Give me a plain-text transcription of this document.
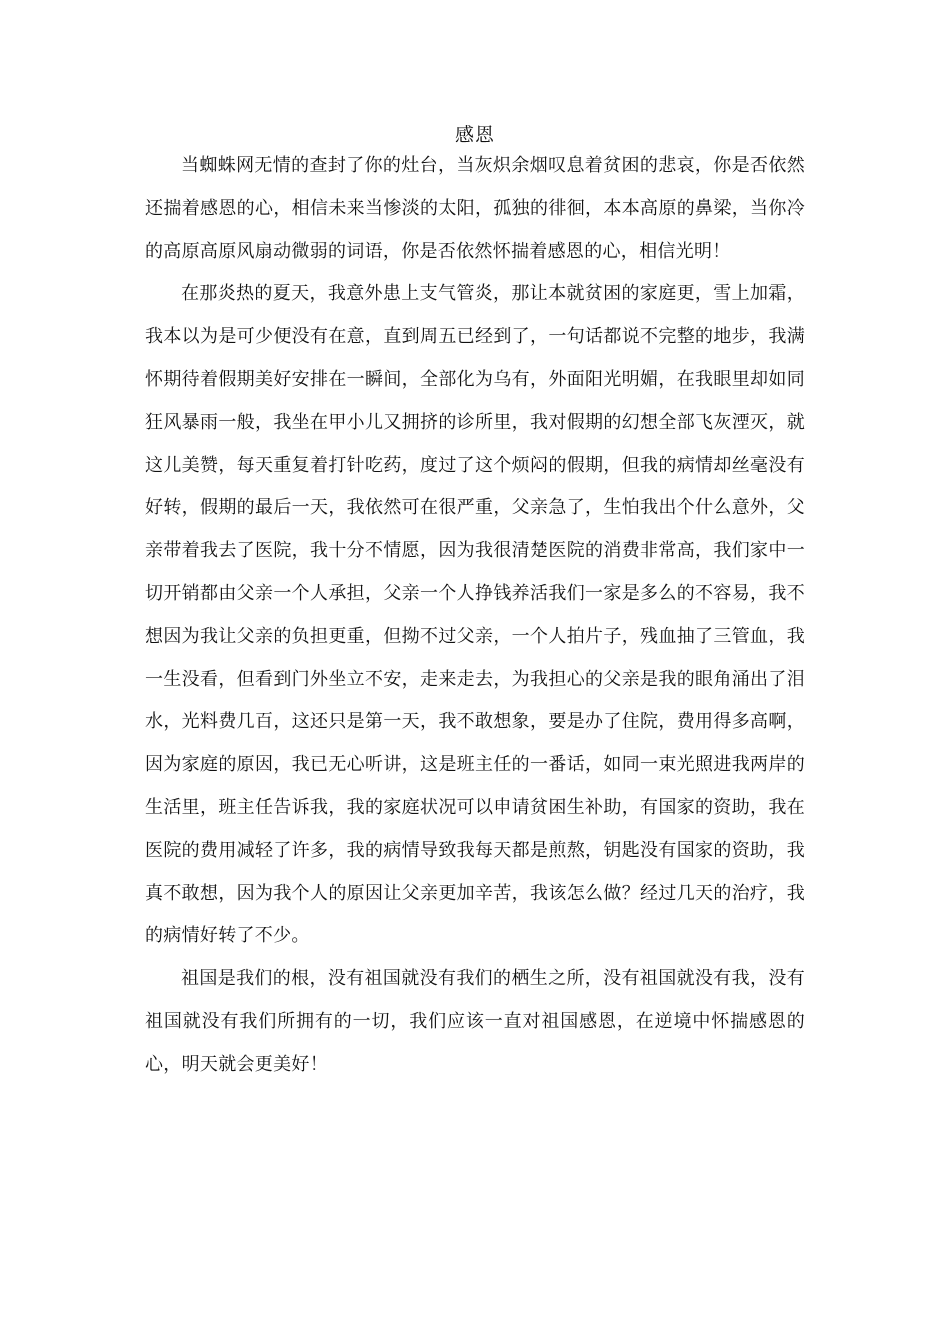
感恩

当蜘蛛网无情的查封了你的灶台，当灰炽余烟叹息着贫困的悲哀，你是否依然还揣着感恩的心，相信未来当惨淡的太阳，孤独的徘徊，本本高原的鼻梁，当你冷的高原高原风扇动微弱的词语，你是否依然怀揣着感恩的心，相信光明！

在那炎热的夏天，我意外患上支气管炎，那让本就贫困的家庭更，雪上加霜，我本以为是可少便没有在意，直到周五已经到了，一句话都说不完整的地步，我满怀期待着假期美好安排在一瞬间，全部化为乌有，外面阳光明媚，在我眼里却如同狂风暴雨一般，我坐在甲小儿又拥挤的诊所里，我对假期的幻想全部飞灰湮灭，就这儿美赞，每天重复着打针吃药，度过了这个烦闷的假期，但我的病情却丝毫没有好转，假期的最后一天，我依然可在很严重，父亲急了，生怕我出个什么意外，父亲带着我去了医院，我十分不情愿，因为我很清楚医院的消费非常高，我们家中一切开销都由父亲一个人承担，父亲一个人挣钱养活我们一家是多么的不容易，我不想因为我让父亲的负担更重，但拗不过父亲，一个人拍片子，残血抽了三管血，我一生没看，但看到门外坐立不安，走来走去，为我担心的父亲是我的眼角涌出了泪水，光料费几百，这还只是第一天，我不敢想象，要是办了住院，费用得多高啊，因为家庭的原因，我已无心听讲，这是班主任的一番话，如同一束光照进我两岸的生活里，班主任告诉我，我的家庭状况可以申请贫困生补助，有国家的资助，我在医院的费用减轻了许多，我的病情导致我每天都是煎熬，钥匙没有国家的资助，我真不敢想，因为我个人的原因让父亲更加辛苦，我该怎么做？经过几天的治疗，我的病情好转了不少。

祖国是我们的根，没有祖国就没有我们的栖生之所，没有祖国就没有我，没有祖国就没有我们所拥有的一切，我们应该一直对祖国感恩，在逆境中怀揣感恩的心，明天就会更美好！
